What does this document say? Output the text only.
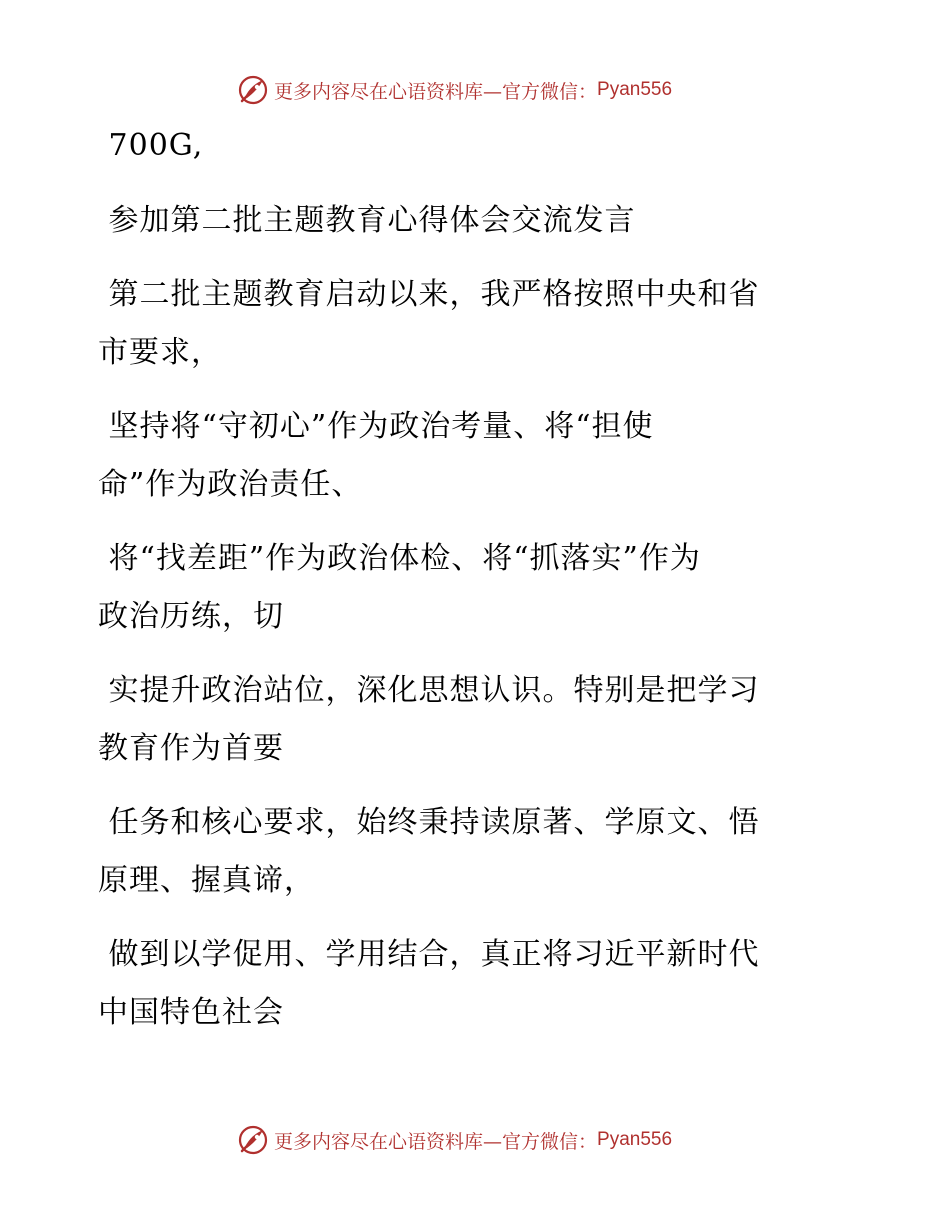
更多内容尽在心语资料库—官方微信： Pyan556
700G,
参加第二批主题教育心得体会交流发言
第二批主题教育启动以来，我严格按照中央和省
市要求，
坚持将“守初心”作为政治考量、将“担使
命”作为政治责任、
将“找差距”作为政治体检、将“抓落实”作为
政治历练，切
实提升政治站位，深化思想认识。特别是把学习
教育作为首要
任务和核心要求，始终秉持读原著、学原文、悟
原理、握真谛，
做到以学促用、学用结合，真正将习近平新时代
中国特色社会
更多内容尽在心语资料库—官方微信： Pyan556
